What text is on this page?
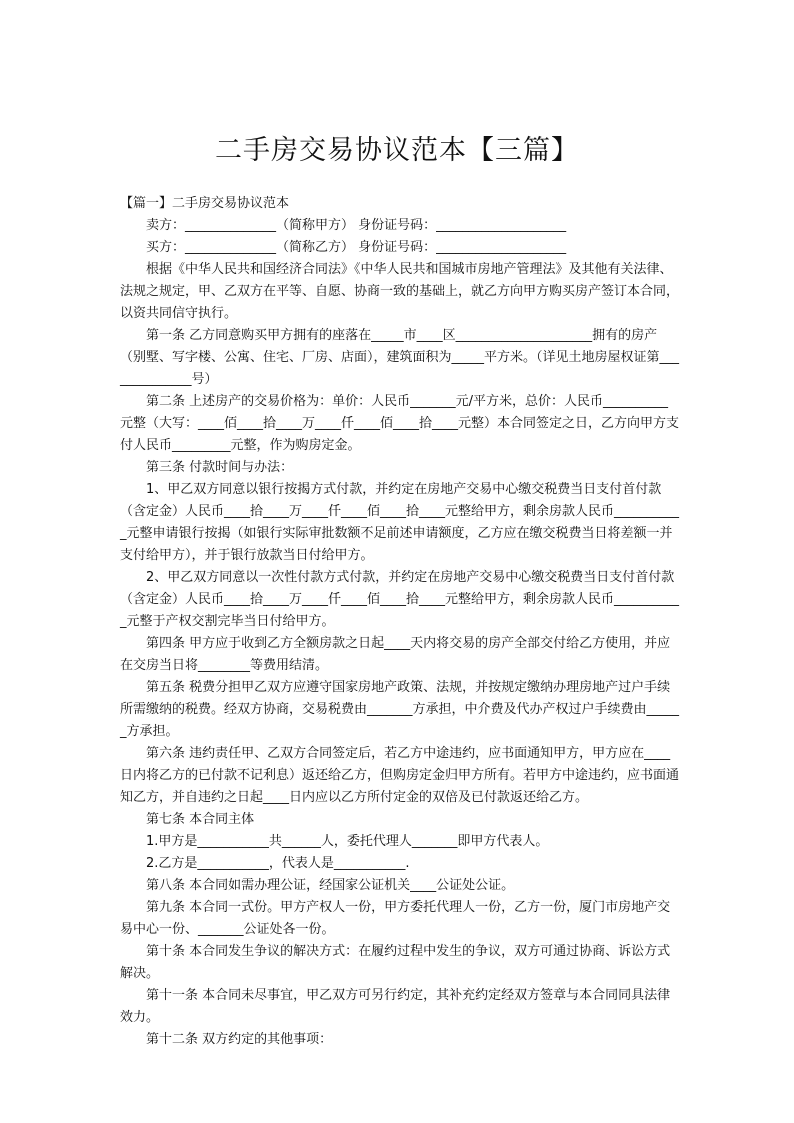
二手房交易协议范本【三篇】

【篇一】二手房交易协议范本

卖方：______________（简称甲方） 身份证号码：____________________

买方：______________（简称乙方） 身份证号码：____________________

根据《中华人民共和国经济合同法》《中华人民共和国城市房地产管理法》及其他有关法律、法规之规定，甲、乙双方在平等、自愿、协商一致的基础上，就乙方向甲方购买房产签订本合同，以资共同信守执行。

第一条 乙方同意购买甲方拥有的座落在_____市____区_____________________拥有的房产（别墅、写字楼、公寓、住宅、厂房、店面），建筑面积为_____平方米。（详见土地房屋权证第______________号）

第二条 上述房产的交易价格为：单价：人民币_______元/平方米，总价：人民币__________元整（大写：____佰____拾____万____仟____佰____拾____元整）本合同签定之日，乙方向甲方支付人民币_________元整，作为购房定金。

第三条 付款时间与办法：

1、甲乙双方同意以银行按揭方式付款，并约定在房地产交易中心缴交税费当日支付首付款（含定金）人民币____拾____万____仟____佰____拾____元整给甲方，剩余房款人民币___________元整申请银行按揭（如银行实际审批数额不足前述申请额度，乙方应在缴交税费当日将差额一并支付给甲方），并于银行放款当日付给甲方。

2、甲乙双方同意以一次性付款方式付款，并约定在房地产交易中心缴交税费当日支付首付款（含定金）人民币____拾____万____仟____佰____拾____元整给甲方，剩余房款人民币___________元整于产权交割完毕当日付给甲方。

第四条 甲方应于收到乙方全额房款之日起____天内将交易的房产全部交付给乙方使用，并应在交房当日将________等费用结清。

第五条 税费分担甲乙双方应遵守国家房地产政策、法规，并按规定缴纳办理房地产过户手续所需缴纳的税费。经双方协商，交易税费由_______方承担，中介费及代办产权过户手续费由______方承担。

第六条 违约责任甲、乙双方合同签定后，若乙方中途违约，应书面通知甲方，甲方应在____日内将乙方的已付款不记利息）返还给乙方，但购房定金归甲方所有。若甲方中途违约，应书面通知乙方，并自违约之日起____日内应以乙方所付定金的双倍及已付款返还给乙方。

第七条 本合同主体

1.甲方是___________共______人，委托代理人_______即甲方代表人。

2.乙方是___________，代表人是___________.

第八条 本合同如需办理公证，经国家公证机关____公证处公证。

第九条 本合同一式份。甲方产权人一份，甲方委托代理人一份，乙方一份，厦门市房地产交易中心一份、_______公证处各一份。

第十条 本合同发生争议的解决方式：在履约过程中发生的争议，双方可通过协商、诉讼方式解决。

第十一条 本合同未尽事宜，甲乙双方可另行约定，其补充约定经双方签章与本合同同具法律效力。

第十二条 双方约定的其他事项：
